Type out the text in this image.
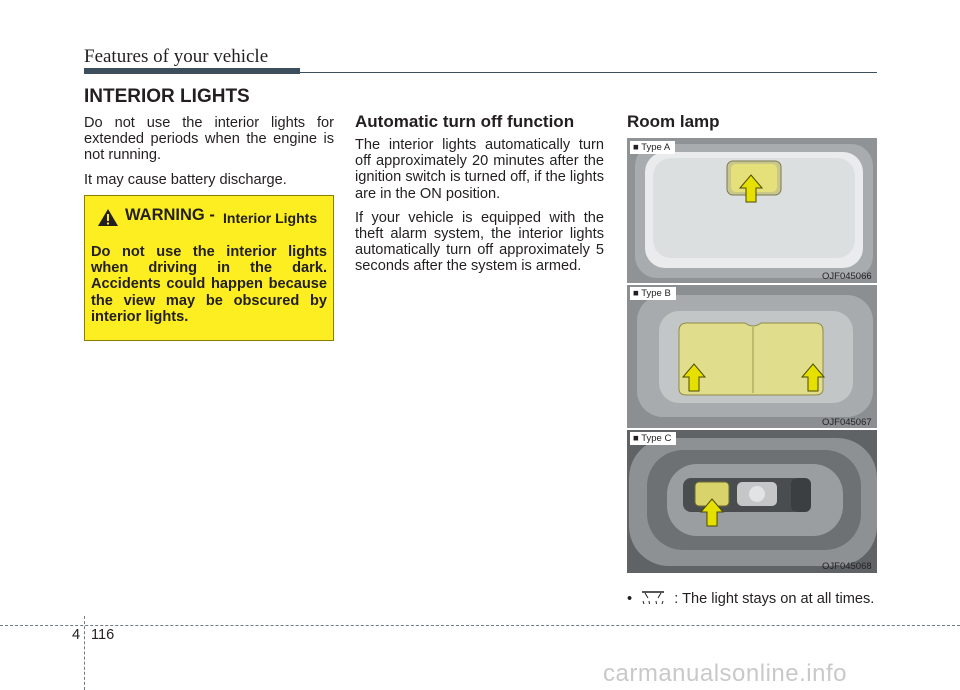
Features of your vehicle
INTERIOR LIGHTS

Do not use the interior lights for extended periods when the engine is not running.

It may cause battery discharge.

WARNING - Interior Lights
Do not use the interior lights when driving in the dark. Accidents could happen because the view may be obscured by interior lights.
Automatic turn off function

The interior lights automatically turn off approximately 20 minutes after the ignition switch is turned off, if the lights are in the ON position.

If your vehicle is equipped with the theft alarm system, the interior lights automatically turn off approximately 5 seconds after the system is armed.

Room lamp
■ Type A
OJF045066
■ Type B
OJF045067
■ Type C
OJF045068
•	: The light stays on at all times.
4 116
carmanualsonline.info
